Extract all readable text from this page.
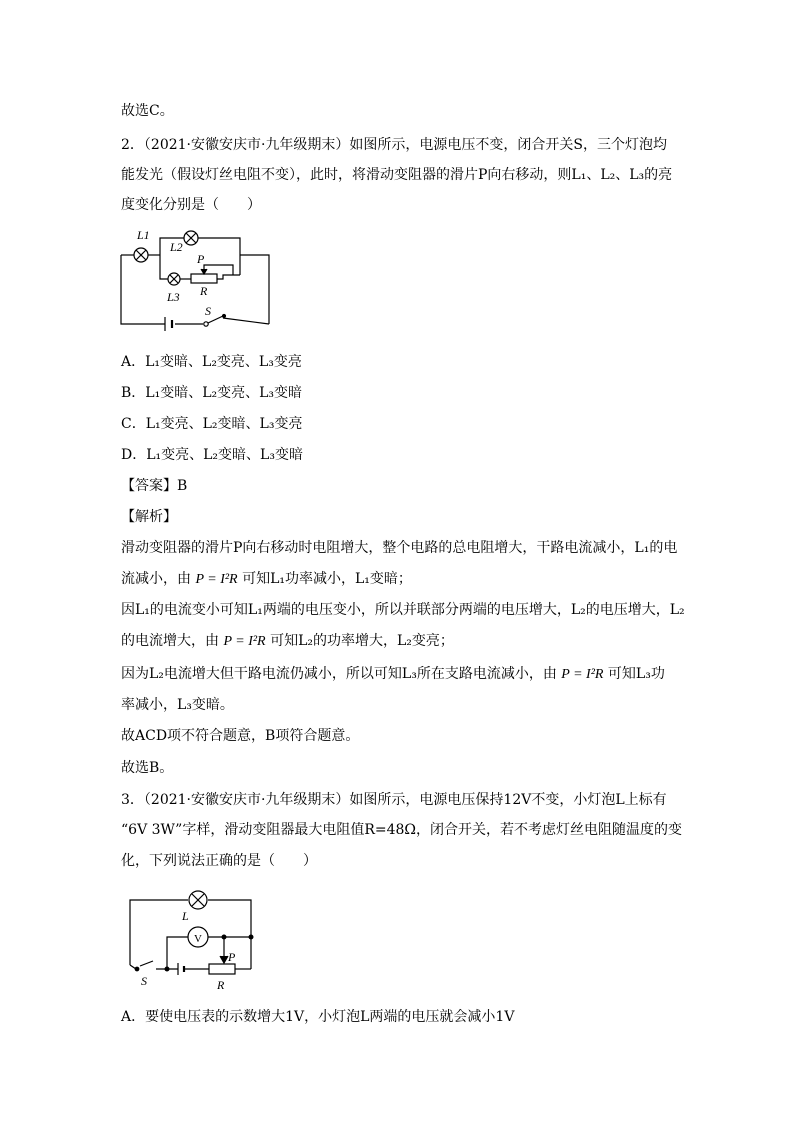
故选C。
2．（2021·安徽安庆市·九年级期末）如图所示，电源电压不变，闭合开关S，三个灯泡均
能发光（假设灯丝电阻不变），此时，将滑动变阻器的滑片P向右移动，则L₁、L₂、L₃的亮
度变化分别是（　　）
L1
L2
L3
P
R
S
A．L₁变暗、L₂变亮、L₃变亮
B．L₁变暗、L₂变亮、L₃变暗
C．L₁变亮、L₂变暗、L₃变亮
D．L₁变亮、L₂变暗、L₃变暗
【答案】B
【解析】
滑动变阻器的滑片P向右移动时电阻增大，整个电路的总电阻增大，干路电流减小，L₁的电
流减小，由 P = I²R 可知L₁功率减小，L₁变暗；
因L₁的电流变小可知L₁两端的电压变小，所以并联部分两端的电压增大，L₂的电压增大，L₂
的电流增大，由 P = I²R 可知L₂的功率增大，L₂变亮；
因为L₂电流增大但干路电流仍减小，所以可知L₃所在支路电流减小，由 P = I²R 可知L₃功
率减小，L₃变暗。
故ACD项不符合题意，B项符合题意。
故选B。
3．（2021·安徽安庆市·九年级期末）如图所示，电源电压保持12V不变，小灯泡L上标有
“6V 3W”字样，滑动变阻器最大电阻值R=48Ω，闭合开关，若不考虑灯丝电阻随温度的变
化，下列说法正确的是（　　）
L
V
P
R
S
A．要使电压表的示数增大1V，小灯泡L两端的电压就会减小1V
